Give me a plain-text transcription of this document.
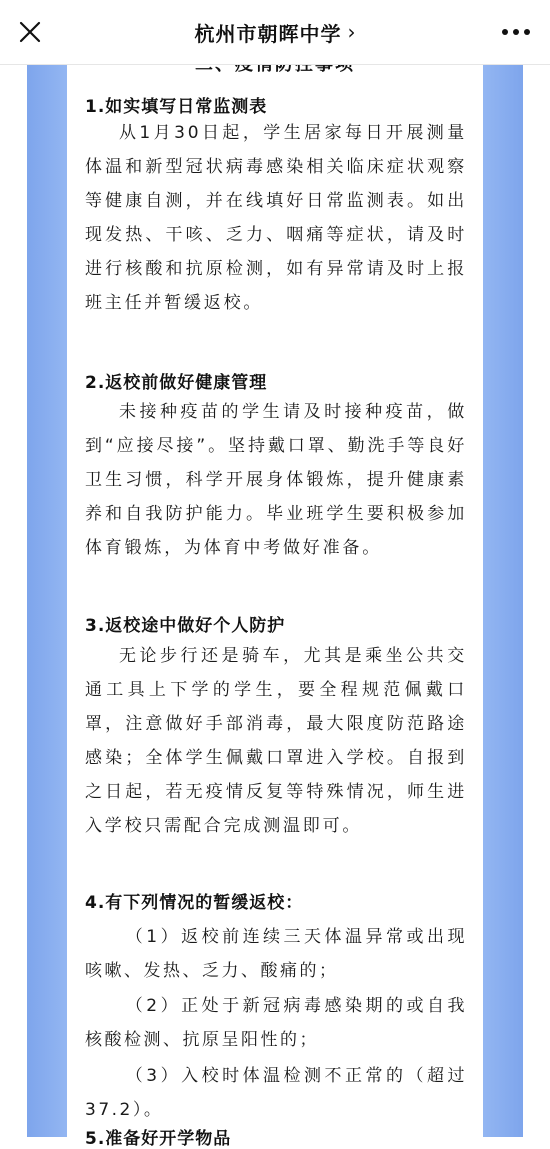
杭州市朝晖中学 ›
1.如实填写日常监测表

从1月30日起，学生居家每日开展测量体温和新型冠状病毒感染相关临床症状观察等健康自测，并在线填好日常监测表。如出现发热、干咳、乏力、咽痛等症状，请及时进行核酸和抗原检测，如有异常请及时上报班主任并暂缓返校。

2.返校前做好健康管理

未接种疫苗的学生请及时接种疫苗，做到“应接尽接”。坚持戴口罩、勤洗手等良好卫生习惯，科学开展身体锻炼，提升健康素养和自我防护能力。毕业班学生要积极参加体育锻炼，为体育中考做好准备。

3.返校途中做好个人防护

无论步行还是骑车，尤其是乘坐公共交通工具上下学的学生，要全程规范佩戴口罩，注意做好手部消毒，最大限度防范路途感染；全体学生佩戴口罩进入学校。自报到之日起，若无疫情反复等特殊情况，师生进入学校只需配合完成测温即可。

4.有下列情况的暂缓返校：

（1）返校前连续三天体温异常或出现咳嗽、发热、乏力、酸痛的；

（2）正处于新冠病毒感染期的或自我核酸检测、抗原呈阳性的；

（3）入校时体温检测不正常的（超过37.2）。

5.准备好开学物品
